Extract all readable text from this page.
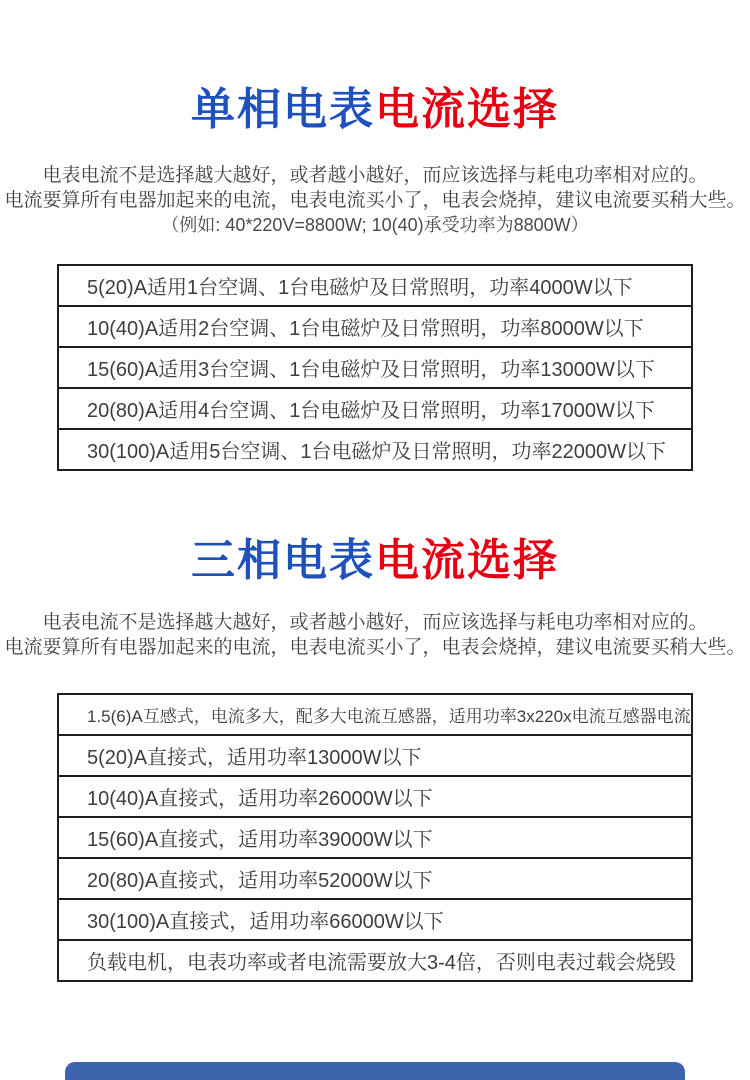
单相电表电流选择
电表电流不是选择越大越好，或者越小越好，而应该选择与耗电功率相对应的。
电流要算所有电器加起来的电流，电表电流买小了，电表会烧掉，建议电流要买稍大些。
（例如: 40*220V=8800W; 10(40)承受功率为8800W）
5(20)A适用1台空调、1台电磁炉及日常照明，功率4000W以下
10(40)A适用2台空调、1台电磁炉及日常照明，功率8000W以下
15(60)A适用3台空调、1台电磁炉及日常照明，功率13000W以下
20(80)A适用4台空调、1台电磁炉及日常照明，功率17000W以下
30(100)A适用5台空调、1台电磁炉及日常照明，功率22000W以下
三相电表电流选择
电表电流不是选择越大越好，或者越小越好，而应该选择与耗电功率相对应的。
电流要算所有电器加起来的电流，电表电流买小了，电表会烧掉，建议电流要买稍大些。
1.5(6)A互感式，电流多大，配多大电流互感器，适用功率3x220x电流互感器电流
5(20)A直接式，适用功率13000W以下
10(40)A直接式，适用功率26000W以下
15(60)A直接式，适用功率39000W以下
20(80)A直接式，适用功率52000W以下
30(100)A直接式，适用功率66000W以下
负载电机，电表功率或者电流需要放大3-4倍，否则电表过载会烧毁
